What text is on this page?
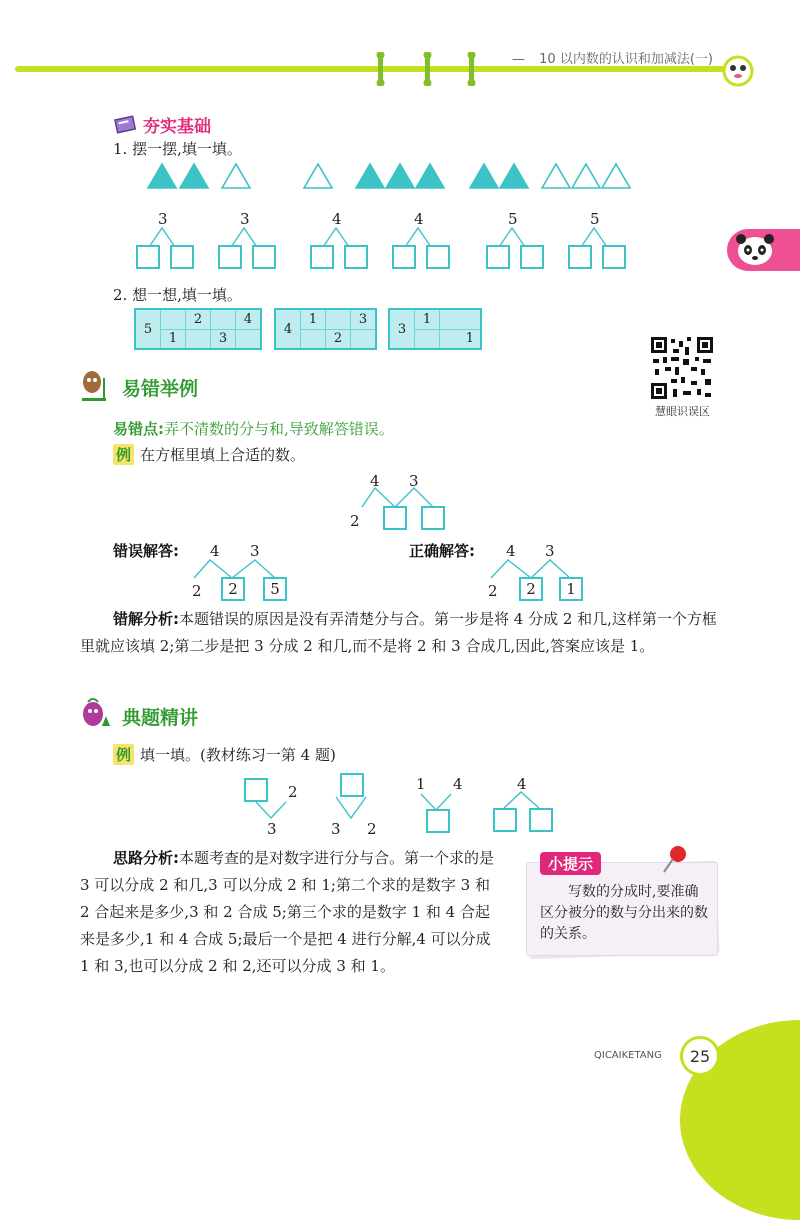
— 10 以内数的认识和加减法(一)
夯实基础
1. 摆一摆,填一填。
3	3	4	4	5	5
2. 想一想,填一填。
5		2		4
	1		3	
4	1		3
		2	
3	1	
		1
慧眼识误区
易错举例
易错点:弄不清数的分与和,导致解答错误。
例 在方框里填上合适的数。
4 3
2
错误解答: 4 3
2	2	5
正确解答: 4 3
2	2	1
错解分析:本题错误的原因是没有弄清楚分与合。第一步是将 4 分成 2 和几,这样第一个方框里就应该填 2;第二步是把 3 分成 2 和几,而不是将 2 和 3 合成几,因此,答案应该是 1。
典题精讲
例 填一填。(教材练习一第 4 题)
2
3	3 2
1 4	4
思路分析:本题考查的是对数字进行分与合。第一个求的是 3 可以分成 2 和几,3 可以分成 2 和 1;第二个求的是数字 3 和 2 合起来是多少,3 和 2 合成 5;第三个求的是数字 1 和 4 合起来是多少,1 和 4 合成 5;最后一个是把 4 进行分解,4 可以分成 1 和 3,也可以分成 2 和 2,还可以分成 3 和 1。
小提示
写数的分成时,要准确区分被分的数与分出来的数的关系。
QICAIKETANG 25
